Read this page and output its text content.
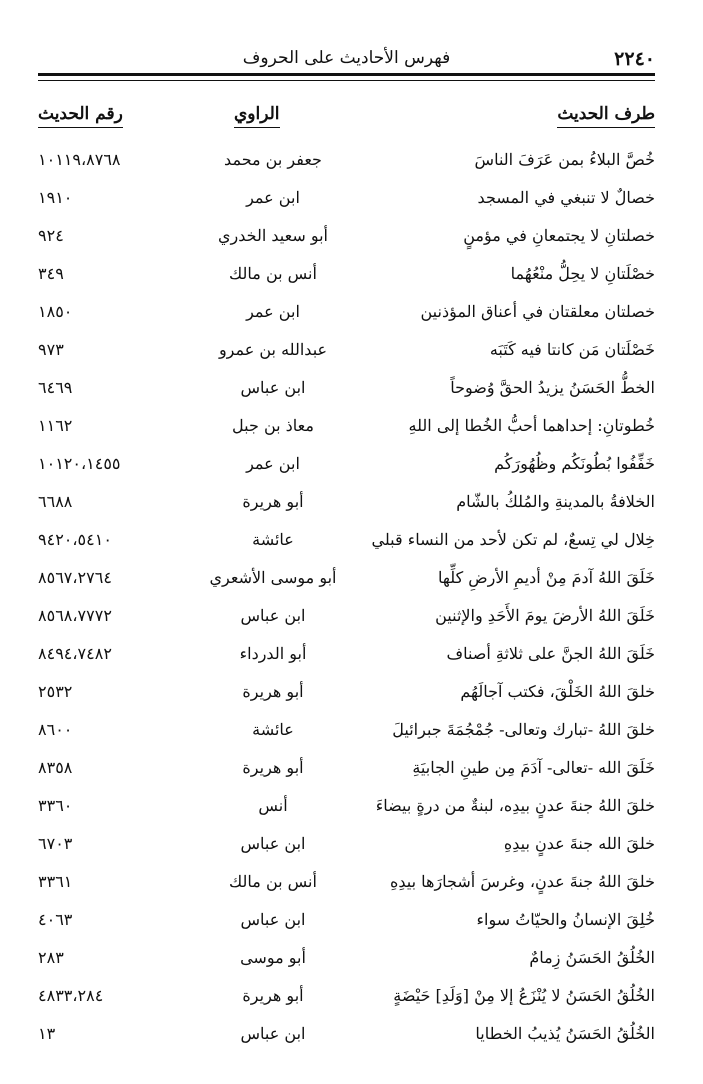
فهرس الأحاديث على الحروف	٢٢٤٠
طرف الحديث
الراوي
رقم الحديث
خُصَّ البلاءُ بمن عَرَفَ الناسَ
جعفر بن محمد
١٠١١٩،٨٧٦٨
خصالٌ لا تنبغي في المسجد
ابن عمر
١٩١٠
خصلتانِ لا يجتمعانِ في مؤمنٍ
أبو سعيد الخدري
٩٢٤
خصْلَتانِ لا يحِلُّ منْعُهُما
أنس بن مالك
٣٤٩
خصلتان معلقتان في أعناق المؤذنين
ابن عمر
١٨٥٠
خَصْلَتان مَن كانتا فيه كَتَبَه
عبدالله بن عمرو
٩٧٣
الخطُّ الحَسَنُ يزيدُ الحقَّ وُضوحاً
ابن عباس
٦٤٦٩
خُطوتانِ: إحداهما أحبُّ الخُطا إلى اللهِ
معاذ بن جبل
١١٦٢
خَفِّفُوا بُطُونَكُم وظُهُورَكُم
ابن عمر
١٠١٢٠،١٤٥٥
الخلافةُ بالمدينةِ والمُلكُ بالشّام
أبو هريرة
٦٦٨٨
خِلال لي تِسعٌ، لم تكن لأحد من النساء قبلي
عائشة
٩٤٢٠،٥٤١٠
خَلَقَ اللهُ آدمَ مِنْ أديمِ الأرضِ كلِّها
أبو موسى الأشعري
٨٥٦٧،٢٧٦٤
خَلَقَ اللهُ الأرضَ يومَ الأَحَدِ والإثنين
ابن عباس
٨٥٦٨،٧٧٧٢
خَلَقَ اللهُ الجنَّ على ثلاثةِ أصناف
أبو الدرداء
٨٤٩٤،٧٤٨٢
خلقَ اللهُ الخَلْقَ، فكتب آجالَهُم
أبو هريرة
٢٥٣٢
خلقَ اللهُ -تبارك وتعالى- جُمْجُمَةَ جبرائيلَ
عائشة
٨٦٠٠
خَلَقَ الله -تعالى- آدَمَ مِن طينِ الجابيَةِ
أبو هريرة
٨٣٥٨
خلقَ اللهُ جنةَ عدنٍ بيدِه، لبنةٌ من درةٍ بيضاءَ
أنس
٣٣٦٠
خلقَ الله جنةَ عدنٍ بيدِهِ
ابن عباس
٦٧٠٣
خلقَ اللهُ جنةَ عدنٍ، وغرسَ أشجارَها بيدِهِ
أنس بن مالك
٣٣٦١
خُلِقَ الإنسانُ والحيّاتُ سواء
ابن عباس
٤٠٦٣
الخُلُقُ الحَسَنُ زِمامٌ
أبو موسى
٢٨٣
الخُلُقُ الحَسَنُ لا يُنْزَعُ إلا مِنْ [وَلَدِ] حَيْضَةٍ
أبو هريرة
٤٨٣٣،٢٨٤
الخُلُقُ الحَسَنُ يُذيبُ الخطايا
ابن عباس
١٣
